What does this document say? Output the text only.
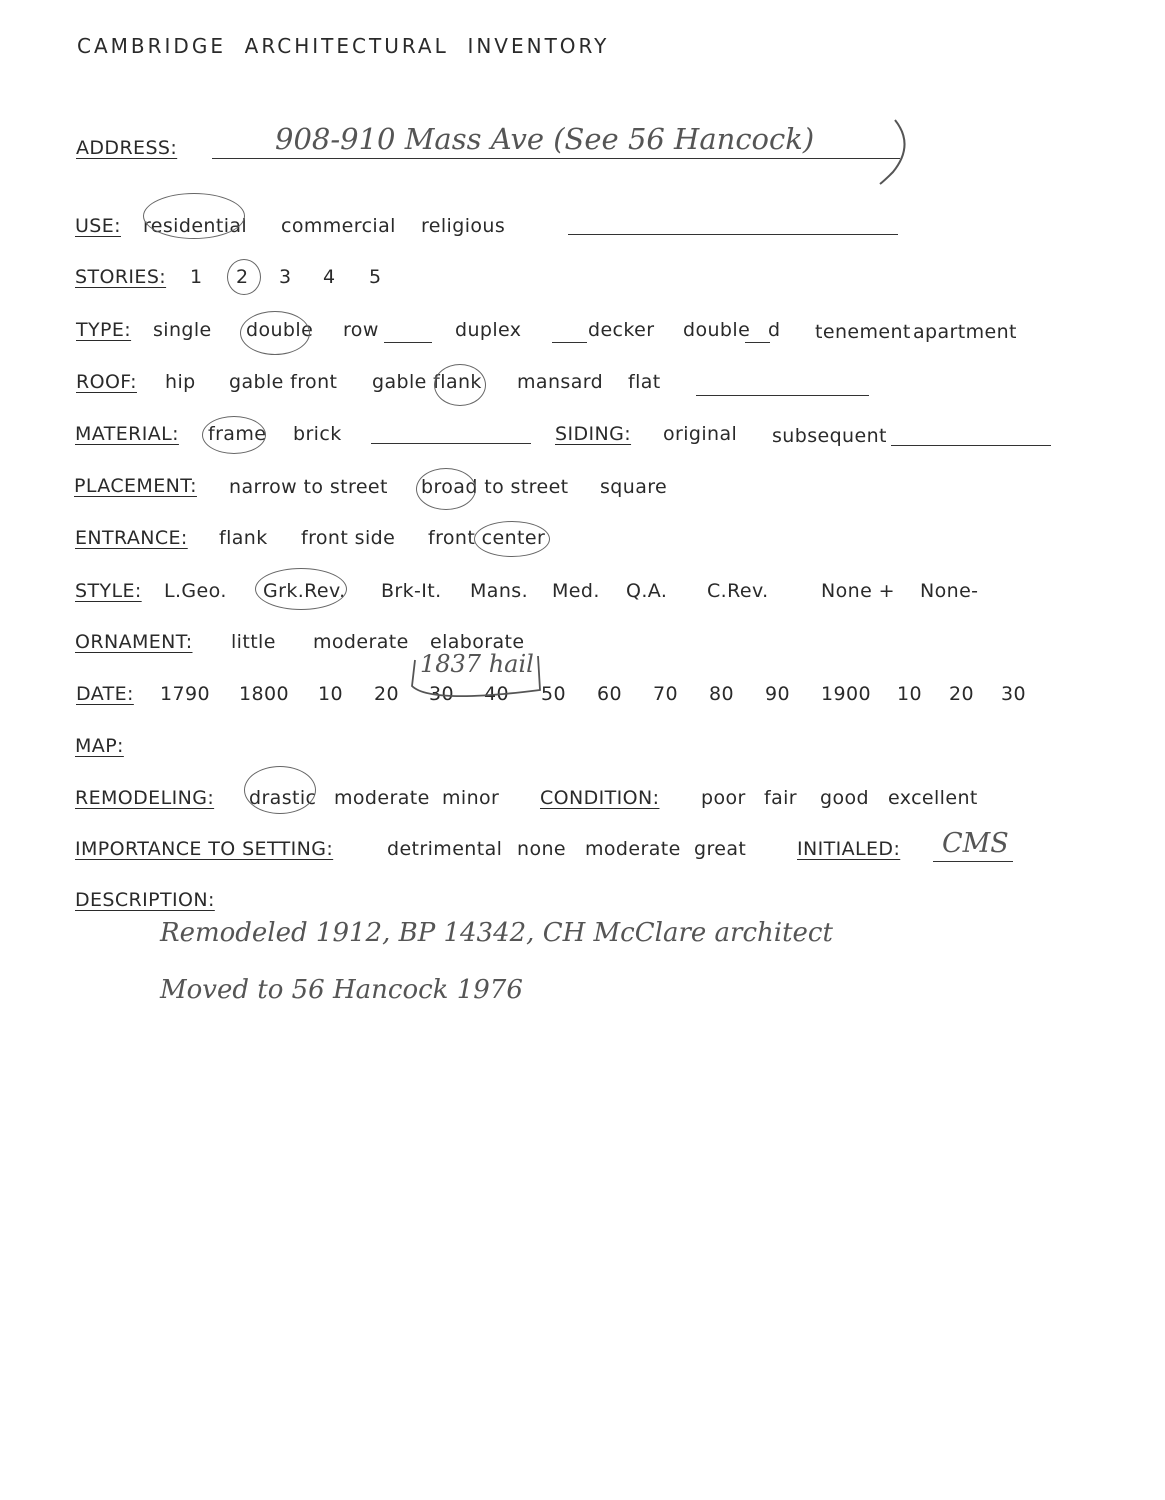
CAMBRIDGE  ARCHITECTURAL  INVENTORY
ADDRESS:	908-910 Mass Ave (See 56 Hancock)
USE: residential commercial religious
STORIES: 1 2 3 4 5
TYPE: single double row	duplex	decker double d tenement apartment
ROOF: hip gable front gable flank mansard flat
MATERIAL: frame brick	SIDING: original subsequent
PLACEMENT: narrow to street broad to street square
ENTRANCE: flank front side front center
STYLE: L.Geo. Grk.Rev. Brk-It. Mans. Med. Q.A. C.Rev.	None + None-
ORNAMENT: little moderate elaborate
DATE: 1790 1800 10 20 30 40 50 60 70 80 90 1900 10 20 30
1837 hail
MAP:
REMODELING: drastic moderate minor CONDITION: poor fair good excellent
IMPORTANCE TO SETTING:	detrimental none moderate great	INITIALED: CMS
DESCRIPTION:
Remodeled 1912, BP 14342, CH McClare architect
Moved to 56 Hancock 1976
